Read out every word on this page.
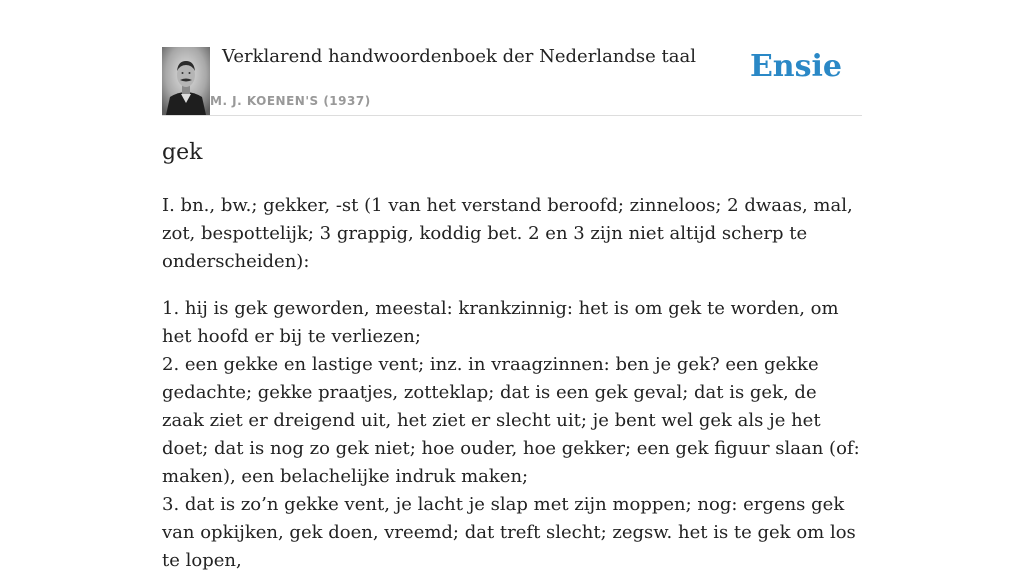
Verklarend handwoordenboek der Nederlandse taal
M. J. KOENEN'S (1937)
Ensie
gek

I. bn., bw.; gekker, -st (1 van het verstand beroofd; zinneloos; 2 dwaas, mal, zot, bespottelijk; 3 grappig, koddig bet. 2 en 3 zijn niet altijd scherp te onderscheiden):

1. hij is gek geworden, meestal: krankzinnig: het is om gek te worden, om het hoofd er bij te verliezen;

2. een gekke en lastige vent; inz. in vraagzinnen: ben je gek? een gekke gedachte; gekke praatjes, zotteklap; dat is een gek geval; dat is gek, de zaak ziet er dreigend uit, het ziet er slecht uit; je bent wel gek als je het doet; dat is nog zo gek niet; hoe ouder, hoe gekker; een gek figuur slaan (of: maken), een belachelijke indruk maken;

3. dat is zo’n gekke vent, je lacht je slap met zijn moppen; nog: ergens gek van opkijken, gek doen, vreemd; dat treft slecht; zegsw. het is te gek om los te lopen,
